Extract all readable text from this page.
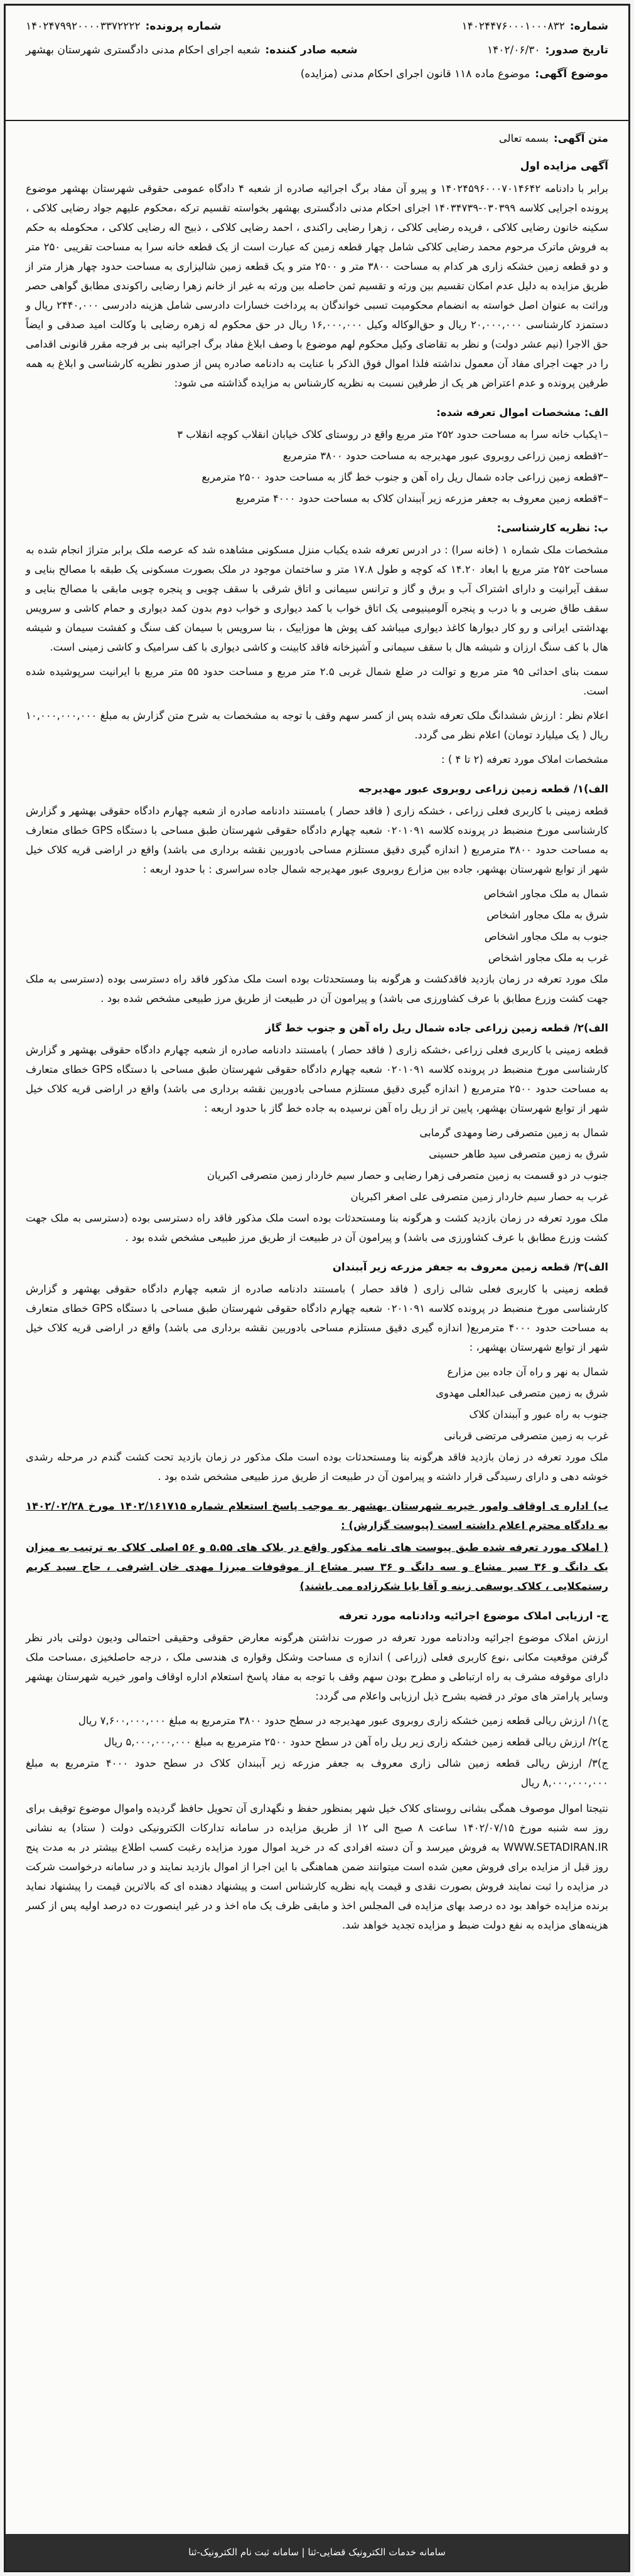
شماره:
۱۴۰۲۴۴۷۶۰۰۰۱۰۰۰۸۳۲
شماره پرونده:
۱۴۰۲۴۷۹۹۲۰۰۰۰۳۳۷۲۲۲۲
تاریخ صدور:
۱۴۰۲/۰۶/۳۰
شعبه صادر کننده:
شعبه اجرای احکام مدنی دادگستری شهرستان بهشهر
موضوع آگهی:
موضوع ماده ۱۱۸ قانون اجرای احکام مدنی (مزایده)
متن آگهی:
بسمه تعالی
آگهی مزایده اول

برابر با دادنامه ۱۴۰۲۴۵۹۶۰۰۰۷۰۱۴۶۴۲ و پیرو آن مفاد برگ اجرائیه صادره از شعبه ۴ دادگاه عمومی حقوقی شهرستان بهشهر موضوع پرونده اجرایی کلاسه ۰۳۰۳۹۹-۱۴۰۳۴۷۳۹ اجرای احکام مدنی دادگستری بهشهر بخواسته تقسیم ترکه ،محکوم علیهم جواد رضایی کلاکی ، سکینه خانون رضایی کلاکی ، فریده رضایی کلاکی ، زهرا رضایی راکندی ، احمد رضایی کلاکی ، ذبیح اله رضایی کلاکی ، محکومله به حکم به فروش ماترک مرحوم محمد رضایی کلاکی شامل چهار قطعه زمین که عبارت است از یک قطعه خانه سرا به مساحت تقریبی ۲۵۰ متر و دو قطعه زمین خشکه زاری هر کدام به مساحت ۳۸۰۰ متر و ۲۵۰۰ متر و یک قطعه زمین شالیزاری به مساحت حدود چهار هزار متر از طریق مزایده به دلیل عدم امکان تقسیم بین ورثه و تقسیم ثمن حاصله بین ورثه به غیر از خانم زهرا رضایی راکوندی مطابق گواهی حصر وراثت به عنوان اصل خواسته به انضمام محکومیت تسبی خواندگان به پرداخت خسارات دادرسی شامل هزینه دادرسی ۲۴۴۰,۰۰۰ ریال و دستمزد کارشناسی ۲۰,۰۰۰,۰۰۰ ریال و حق‌الوکاله وکیل ۱۶,۰۰۰,۰۰۰ ریال در حق محکوم له زهره رضایی با وکالت امید صدقی و ایضاً حق الاجرا (نیم عشر دولت) و نظر به تقاضای وکیل محکوم لهم موضوع با وصف ابلاغ مفاد برگ اجرائیه بنی بر فرجه مقرر قانونی اقدامی را در جهت اجرای مفاد آن معمول نداشته فلذا اموال فوق الذکر با عنایت به دادنامه صادره پس از صدور نظریه کارشناسی و ابلاغ به همه طرفین پرونده و عدم اعتراض هر یک از طرفین نسبت به نظریه کارشناس به مزایده گذاشته می شود:

الف: مشخصات اموال تعرفه شده:
–۱یکباب خانه سرا به مساحت حدود ۲۵۲ متر مربع واقع در روستای کلاک خیابان انقلاب کوچه انقلاب ۳
–۲قطعه زمین زراعی روبروی عبور مهدیرجه به مساحت حدود ۳۸۰۰ مترمربع
–۳قطعه زمین زراعی جاده شمال ریل راه آهن و جنوب خط گاز به مساحت حدود ۲۵۰۰ مترمربع
–۴قطعه زمین معروف به جعفر مزرعه زیر آببندان کلاک به مساحت حدود ۴۰۰۰ مترمربع
ب: نظریه کارشناسی:

مشخصات ملک شماره ۱ (خانه سرا) : در ادرس تعرفه شده یکباب منزل مسکونی مشاهده شد که عرصه ملک برابر متراژ انجام شده به مساحت ۲۵۲ متر مربع با ابعاد ۱۴.۲۰ که کوچه و طول ۱۷.۸ متر و ساختمان موجود در ملک بصورت مسکونی یک طبقه با مصالح بنایی و سقف آیرانیت و دارای اشتراک آب و برق و گاز و ترانس سیمانی و اتاق شرقی با سقف چوبی و پنجره چوبی مابقی با مصالح بنایی و سقف طاق ضربی و با درب و پنجره آلومینیومی یک اتاق خواب با کمد دیواری و خواب دوم بدون کمد دیواری و حمام کاشی و سرویس بهداشتی ایرانی و رو کار دیوارها کاغذ دیواری میباشد کف پوش ها موزاییک ، بنا سرویس با سیمان کف سنگ و کفشت سیمان و شیشه هال با کف سنگ ارزان و شیشه هال با سقف سیمانی و آشپزخانه فاقد کابینت و کاشی دیواری با کف سرامیک و کاشی زمینی است.

سمت بنای احداثی ۹۵ متر مربع و توالت در ضلع شمال غربی ۲.۵ متر مربع و مساحت حدود ۵۵ متر مربع با ایرانیت سرپوشیده شده است.

اعلام نظر : ارزش ششدانگ ملک تعرفه شده پس از کسر سهم وقف با توجه به مشخصات به شرح متن گزارش به مبلغ ۱۰,۰۰۰,۰۰۰,۰۰۰ ریال ( یک میلیارد تومان) اعلام نظر می گردد.

مشخصات املاک مورد تعرفه (۲ تا ۴ ) :

الف)۱/ قطعه زمین زراعی روبروی عبور مهدیرجه

قطعه زمینی با کاربری فعلی زراعی ، خشکه زاری ( فاقد حصار ) بامستند دادنامه صادره از شعبه چهارم دادگاه حقوقی بهشهر و گزارش کارشناسی مورخ منضبط در پرونده کلاسه ۰۲۰۱۰۹۱ شعبه چهارم دادگاه حقوقی شهرستان طبق مساحی با دستگاه GPS خطای متعارف به مساحت حدود ۳۸۰۰ مترمربع ( اندازه گیری دقیق مستلزم مساحی بادوربین نقشه برداری می باشد) واقع در اراضی قریه کلاک خیل شهر از توابع شهرستان بهشهر، جاده بین مزارع روبروی عبور مهدیرجه شمال جاده سراسری : با حدود اربعه :

شمال به ملک مجاور اشخاص
شرق به ملک مجاور اشخاص
جنوب به ملک مجاور اشخاص
غرب به ملک مجاور اشخاص

ملک مورد تعرفه در زمان بازدید فاقدکشت و هرگونه بنا ومستحدثات بوده است ملک مذکور فاقد راه دسترسی بوده (دسترسی به ملک جهت کشت وزرع مطابق با عرف کشاورزی می باشد) و پیرامون آن در طبیعت از طریق مرز طبیعی مشخص شده بود .

الف)۲/ قطعه زمین زراعی جاده شمال ریل راه آهن و جنوب خط گاز

قطعه زمینی با کاربری فعلی زراعی ،خشکه زاری ( فاقد حصار ) بامستند دادنامه صادره از شعبه چهارم دادگاه حقوقی بهشهر و گزارش کارشناسی مورخ منضبط در پرونده کلاسه ۰۲۰۱۰۹۱ شعبه چهارم دادگاه حقوقی شهرستان طبق مساحی با دستگاه GPS خطای متعارف به مساحت حدود ۲۵۰۰ مترمربع ( اندازه گیری دقیق مستلزم مساحی بادوربین نقشه برداری می باشد) واقع در اراضی قریه کلاک خیل شهر از توابع شهرستان بهشهر، پایین تر از ریل راه آهن نرسیده به جاده خط گاز با حدود اربعه :

شمال به زمین متصرفی رضا ومهدی گرمابی
شرق به زمین متصرفی سید طاهر حسینی
جنوب در دو قسمت به زمین متصرفی زهرا رضایی و حصار سیم خاردار زمین متصرفی اکبریان
غرب به حصار سیم خاردار زمین متصرفی علی اصغر اکبریان

ملک مورد تعرفه در زمان بازدید کشت و هرگونه بنا ومستحدثات بوده است ملک مذکور فاقد راه دسترسی بوده (دسترسی به ملک جهت کشت وزرع مطابق با عرف کشاورزی می باشد) و پیرامون آن در طبیعت از طریق مرز طبیعی مشخص شده بود .

الف)۳/ قطعه زمین معروف به جعفر مزرعه زیر آببندان

قطعه زمینی با کاربری فعلی شالی زاری ( فاقد حصار ) بامستند دادنامه صادره از شعبه چهارم دادگاه حقوقی بهشهر و گزارش کارشناسی مورخ منضبط در پرونده کلاسه ۰۲۰۱۰۹۱ شعبه چهارم دادگاه حقوقی شهرستان طبق مساحی با دستگاه GPS خطای متعارف به مساحت حدود ۴۰۰۰ مترمربع( اندازه گیری دقیق مستلزم مساحی بادوربین نقشه برداری می باشد) واقع در اراضی قریه کلاک خیل شهر از توابع شهرستان بهشهر، :

شمال به نهر و راه آن جاده بین مزارع
شرق به زمین متصرفی عبدالعلی مهدوی
جنوب به راه عبور و آببندان کلاک
غرب به زمین متصرفی مرتضی قربانی

ملک مورد تعرفه در زمان بازدید فاقد هرگونه بنا ومستحدثات بوده است ملک مذکور در زمان بازدید تحت کشت گندم در مرحله رشدی خوشه دهی و دارای رسیدگی قرار داشته و پیرامون آن در طبیعت از طریق مرز طبیعی مشخص شده بود .

ب) اداره ی اوقاف وامور خیریه شهرستان بهشهر به موجب پاسخ استعلام شماره ۱۴۰۲/۱۶۱۷۱۵ مورخ ۱۴۰۲/۰۲/۲۸ به دادگاه محترم اعلام داشته است (پیوست گزارش) :

( املاک مورد تعرفه شده طبق پیوست های نامه مذکور واقع در بلاک های ۵.۵۵ و ۵۶ اصلی کلاک به ترتیب به میزان یک دانگ و ۳۶ سیر مشاع و سه دانگ و ۳۶ سیر مشاع از موقوفات میرزا مهدی خان اشرفی ، حاج سید کریم رستمکلایی ، کلاک یوسفی زینه و آقا بابا شکرزاده می باشند)

ج- ارزیابی املاک موضوع اجرائیه ودادنامه مورد تعرفه

ارزش املاک موضوع اجرائیه ودادنامه مورد تعرفه در صورت نداشتن هرگونه معارض حقوقی وحقیقی احتمالی ودیون دولتی بادر نظر گرفتن موقعیت مکانی ،نوع کاربری فعلی (زراعی ) اندازه ی مساحت وشکل وقواره ی هندسی ملک ، درجه حاصلخیزی ،مساحت ملک دارای موقوفه مشرف به راه ارتباطی و مطرح بودن سهم وقف با توجه به مفاد پاسخ استعلام اداره اوقاف وامور خیریه شهرستان بهشهر وسایر پارامتر های موثر در قضیه بشرح ذیل ارزیابی واعلام می گردد:

ج)۱/ ارزش ریالی قطعه زمین خشکه زاری روبروی عبور مهدیرجه در سطح حدود ۳۸۰۰ مترمربع به مبلغ ۷,۶۰۰,۰۰۰,۰۰۰ ریال
ج)۲/ ارزش ریالی قطعه زمین خشکه زاری زیر ریل راه آهن در سطح حدود ۲۵۰۰ مترمربع به مبلغ ۵,۰۰۰,۰۰۰,۰۰۰ ریال
ج)۳/ ارزش ریالی قطعه زمین شالی زاری معروف به جعفر مزرعه زیر آببندان کلاک در سطح حدود ۴۰۰۰ مترمربع به مبلغ ۸,۰۰۰,۰۰۰,۰۰۰ ریال

نتیجتا اموال موصوف همگی بشانی روستای کلاک خیل شهر بمنظور حفظ و نگهداری آن تحویل حافظ گردیده واموال موضوع توقیف برای روز سه شنبه مورخ ۱۴۰۲/۰۷/۱۵ ساعت ۸ صبح الی ۱۲ از طریق مزایده در سامانه تدارکات الکترونیکی دولت ( ستاد) به نشانی WWW.SETADIRAN.IR به فروش میرسد و آن دسته افرادی که در خرید اموال مورد مزایده رغبت کسب اطلاع بیشتر در به مدت پنج روز قبل از مزایده برای فروش معین شده است میتوانند ضمن هماهنگی با این اجرا از اموال بازدید نمایند و در سامانه درخواست شرکت در مزایده را ثبت نمایند فروش بصورت نقدی و قیمت پایه نظریه کارشناس است و پیشنهاد دهنده ای که بالاترین قیمت را پیشنهاد نماید برنده مزایده خواهد بود ده درصد بهای مزایده فی المجلس اخذ و مابقی ظرف یک ماه اخذ و در غیر اینصورت ده درصد اولیه پس از کسر هزینه‌های مزایده به نفع دولت ضبط و مزایده تجدید خواهد شد.

سامانه خدمات الکترونیک قضایی-ثنا | سامانه ثبت نام الکترونیک-ثنا
